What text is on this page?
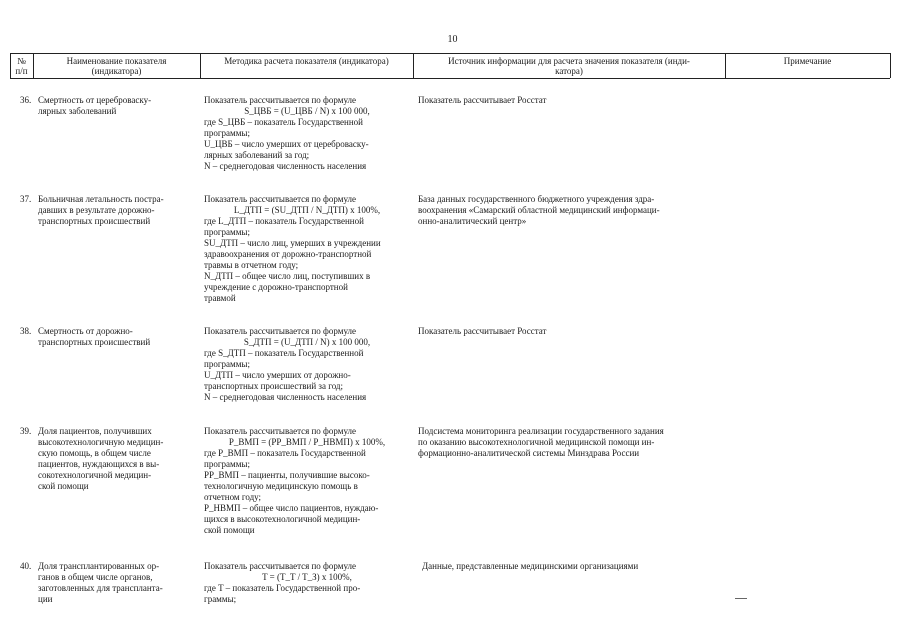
10
№
п/п
Наименование показателя
(индикатора)
Методика расчета показателя (индикатора)	Источник информации для расчета значения показателя (инди-
катора)
Примечание
36. Смертность от цереброваску-
лярных заболеваний
Показатель рассчитывается по формуле
S_ЦВБ = (U_ЦВБ / N) x 100 000,
где S_ЦВБ – показатель Государственной
программы;
U_ЦВБ – число умерших от цереброваску-
лярных заболеваний за год;
N – среднегодовая численность населения
Показатель рассчитывает Росстат
37. Больничная летальность постра-
давших в результате дорожно-
транспортных происшествий
Показатель рассчитывается по формуле
L_ДТП = (SU_ДТП / N_ДТП) x 100%,
где L_ДТП – показатель Государственной
программы;
SU_ДТП – число лиц, умерших в учреждении
здравоохранения от дорожно-транспортной
травмы в отчетном году;
N_ДТП – общее число лиц, поступивших в
учреждение с дорожно-транспортной
травмой
База данных государственного бюджетного учреждения здра-
воохранения «Самарский областной медицинский информаци-
онно-аналитический центр»
38. Смертность от дорожно-
транспортных происшествий
Показатель рассчитывается по формуле
S_ДТП = (U_ДТП / N) x 100 000,
где S_ДТП – показатель Государственной
программы;
U_ДТП – число умерших от дорожно-
транспортных происшествий за год;
N – среднегодовая численность населения
Показатель рассчитывает Росстат
39. Доля пациентов, получивших
высокотехнологичную медицин-
скую помощь, в общем числе
пациентов, нуждающихся в вы-
сокотехнологичной медицин-
ской помощи
Показатель рассчитывается по формуле
P_ВМП = (PP_ВМП / P_НВМП) x 100%,
где P_ВМП – показатель Государственной
программы;
PP_ВМП – пациенты, получившие высоко-
технологичную медицинскую помощь в
отчетном году;
P_НВМП – общее число пациентов, нуждаю-
щихся в высокотехнологичной медицин-
ской помощи
Подсистема мониторинга реализации государственного задания
по оказанию высокотехнологичной медицинской помощи ин-
формационно-аналитической системы Минздрава России
40. Доля трансплантированных ор-
ганов в общем числе органов,
заготовленных для транспланта-
ции
Показатель рассчитывается по формуле
T = (T_T / T_З) x 100%,
где T – показатель Государственной про-
граммы;
Данные, представленные медицинскими организациями
